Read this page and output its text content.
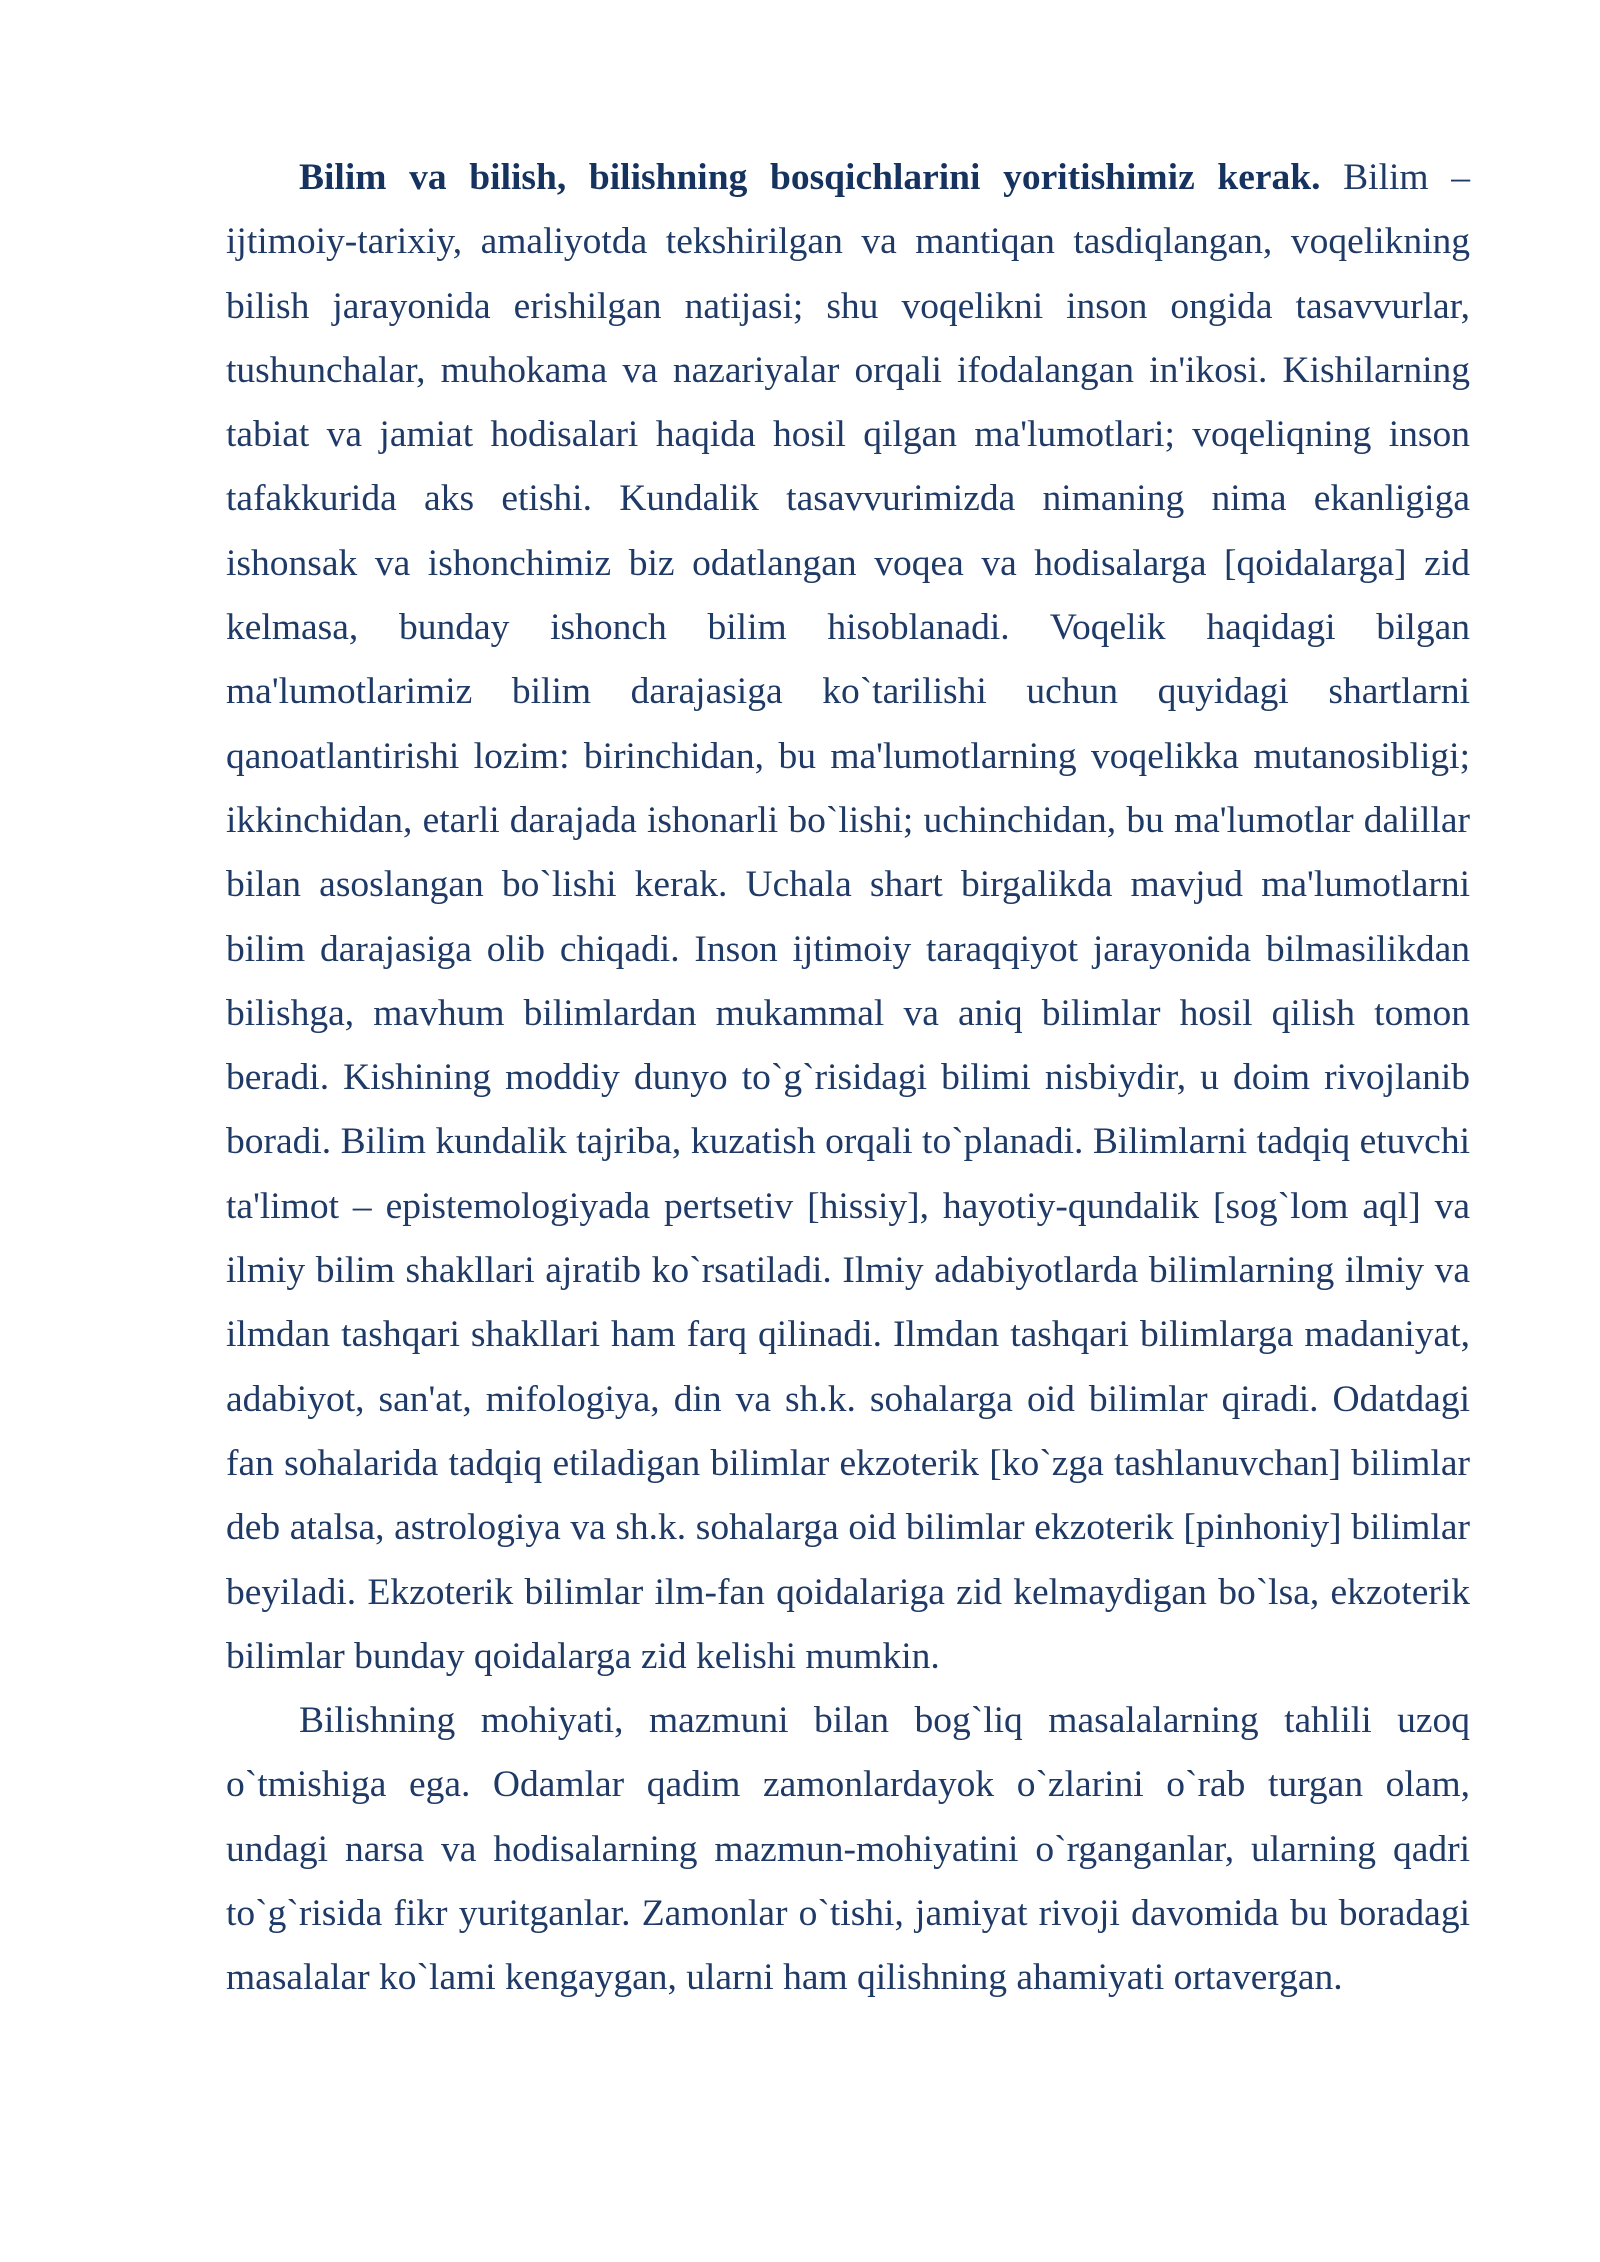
Bilim va bilish, bilishning bosqichlarini yoritishimiz kerak. Bilim – ijtimoiy-tarixiy, amaliyotda tekshirilgan va mantiqan tasdiqlangan, voqelikning bilish jarayonida erishilgan natijasi; shu voqelikni inson ongida tasavvurlar, tushunchalar, muhokama va nazariyalar orqali ifodalangan in'ikosi. Kishilarning tabiat va jamiat hodisalari haqida hosil qilgan ma'lumotlari; voqeliqning inson tafakkurida aks etishi. Kundalik tasavvurimizda nimaning nima ekanligiga ishonsak va ishonchimiz biz odatlangan voqea va hodisalarga [qoidalarga] zid kelmasa, bunday ishonch bilim hisoblanadi. Voqelik haqidagi bilgan ma'lumotlarimiz bilim darajasiga ko`tarilishi uchun quyidagi shartlarni qanoatlantirishi lozim: birinchidan, bu ma'lumotlarning voqelikka mutanosibligi; ikkinchidan, etarli darajada ishonarli bo`lishi; uchinchidan, bu ma'lumotlar dalillar bilan asoslangan bo`lishi kerak. Uchala shart birgalikda mavjud ma'lumotlarni bilim darajasiga olib chiqadi. Inson ijtimoiy taraqqiyot jarayonida bilmasilikdan bilishga, mavhum bilimlardan mukammal va aniq bilimlar hosil qilish tomon beradi. Kishining moddiy dunyo to`g`risidagi bilimi nisbiydir, u doim rivojlanib boradi. Bilim kundalik tajriba, kuzatish orqali to`planadi. Bilimlarni tadqiq etuvchi ta'limot – epistemologiyada pertsetiv [hissiy], hayotiy-qundalik [sog`lom aql] va ilmiy bilim shakllari ajratib ko`rsatiladi. Ilmiy adabiyotlarda bilimlarning ilmiy va ilmdan tashqari shakllari ham farq qilinadi. Ilmdan tashqari bilimlarga madaniyat, adabiyot, san'at, mifologiya, din va sh.k. sohalarga oid bilimlar qiradi. Odatdagi fan sohalarida tadqiq etiladigan bilimlar ekzoterik [ko`zga tashlanuvchan] bilimlar deb atalsa, astrologiya va sh.k. sohalarga oid bilimlar ekzoterik [pinhoniy] bilimlar beyiladi. Ekzoterik bilimlar ilm-fan qoidalariga zid kelmaydigan bo`lsa, ekzoterik bilimlar bunday qoidalarga zid kelishi mumkin.

Bilishning mohiyati, mazmuni bilan bog`liq masalalarning tahlili uzoq o`tmishiga ega. Odamlar qadim zamonlardayok o`zlarini o`rab turgan olam, undagi narsa va hodisalarning mazmun-mohiyatini o`rganganlar, ularning qadri to`g`risida fikr yuritganlar. Zamonlar o`tishi, jamiyat rivoji davomida bu boradagi masalalar ko`lami kengaygan, ularni ham qilishning ahamiyati ortavergan.
